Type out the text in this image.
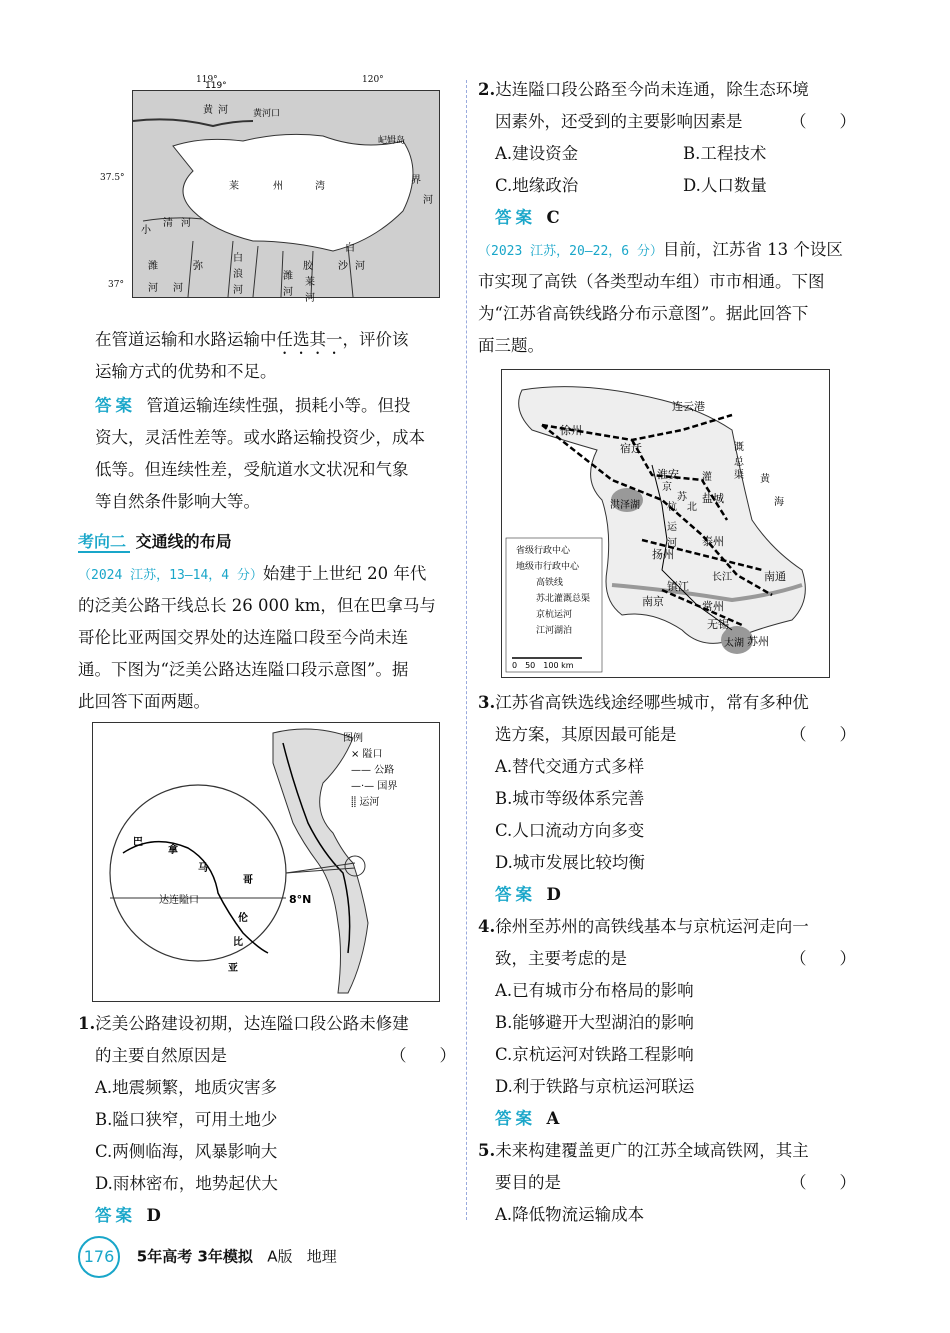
119°
黄 河	黄河口
屺姆岛
莱	州	湾
界
河
小
清 河
潍	弥
河 河
白
浪
河
潍
河
胶
莱
河
白
沙 河
119°	120°
37.5°
37°
在管道运输和水路运输中任选其一，评价该
运输方式的优势和不足。
答案 管道运输连续性强，损耗小等。但投
资大，灵活性差等。或水路运输投资少，成本
低等。但连续性差，受航道水文状况和气象
等自然条件影响大等。
考向二 交通线的布局
（2024 江苏，13—14，4 分）始建于上世纪 20 年代
的泛美公路干线总长 26 000 km，但在巴拿马与
哥伦比亚两国交界处的达连隘口段至今尚未连
通。下图为“泛美公路达连隘口段示意图”。据
此回答下面两题。
图例
× 隘口
—— 公路
—·— 国界
⸽⸽ 运河
巴
拿
马
哥
伦
比
亚
达连隘口	8°N
1.泛美公路建设初期，达连隘口段公路未修建
的主要自然原因是	（　　）
A.地震频繁，地质灾害多
B.隘口狭窄，可用土地少
C.两侧临海，风暴影响大
D.雨林密布，地势起伏大
答案 D
2.达连隘口段公路至今尚未连通，除生态环境
因素外，还受到的主要影响因素是	（　　）
A.建设资金	B.工程技术
C.地缘政治	D.人口数量
答案 C
（2023 江苏，20—22，6 分）目前，江苏省 13 个设区
市实现了高铁（各类型动车组）市市相通。下图
为“江苏省高铁线路分布示意图”。据此回答下
面三题。
连云港
徐州
宿迁
淮安
盐城
泰州
扬州
镇江
南京	常州
无锡
苏州
南通
苏
北
灌
溉
总
渠
京
杭
运
河
洪泽湖
长江
太湖
黄
海
省级行政中心
地级市行政中心
高铁线
苏北灌溉总渠
京杭运河
江河湖泊
0　50　100 km
3.江苏省高铁选线途经哪些城市，常有多种优
选方案，其原因最可能是	（　　）
A.替代交通方式多样
B.城市等级体系完善
C.人口流动方向多变
D.城市发展比较均衡
答案 D
4.徐州至苏州的高铁线基本与京杭运河走向一
致，主要考虑的是	（　　）
A.已有城市分布格局的影响
B.能够避开大型湖泊的影响
C.京杭运河对铁路工程影响
D.利于铁路与京杭运河联运
答案 A
5.未来构建覆盖更广的江苏全域高铁网，其主
要目的是	（　　）
A.降低物流运输成本
176 5年高考 3年模拟 A版 地理
